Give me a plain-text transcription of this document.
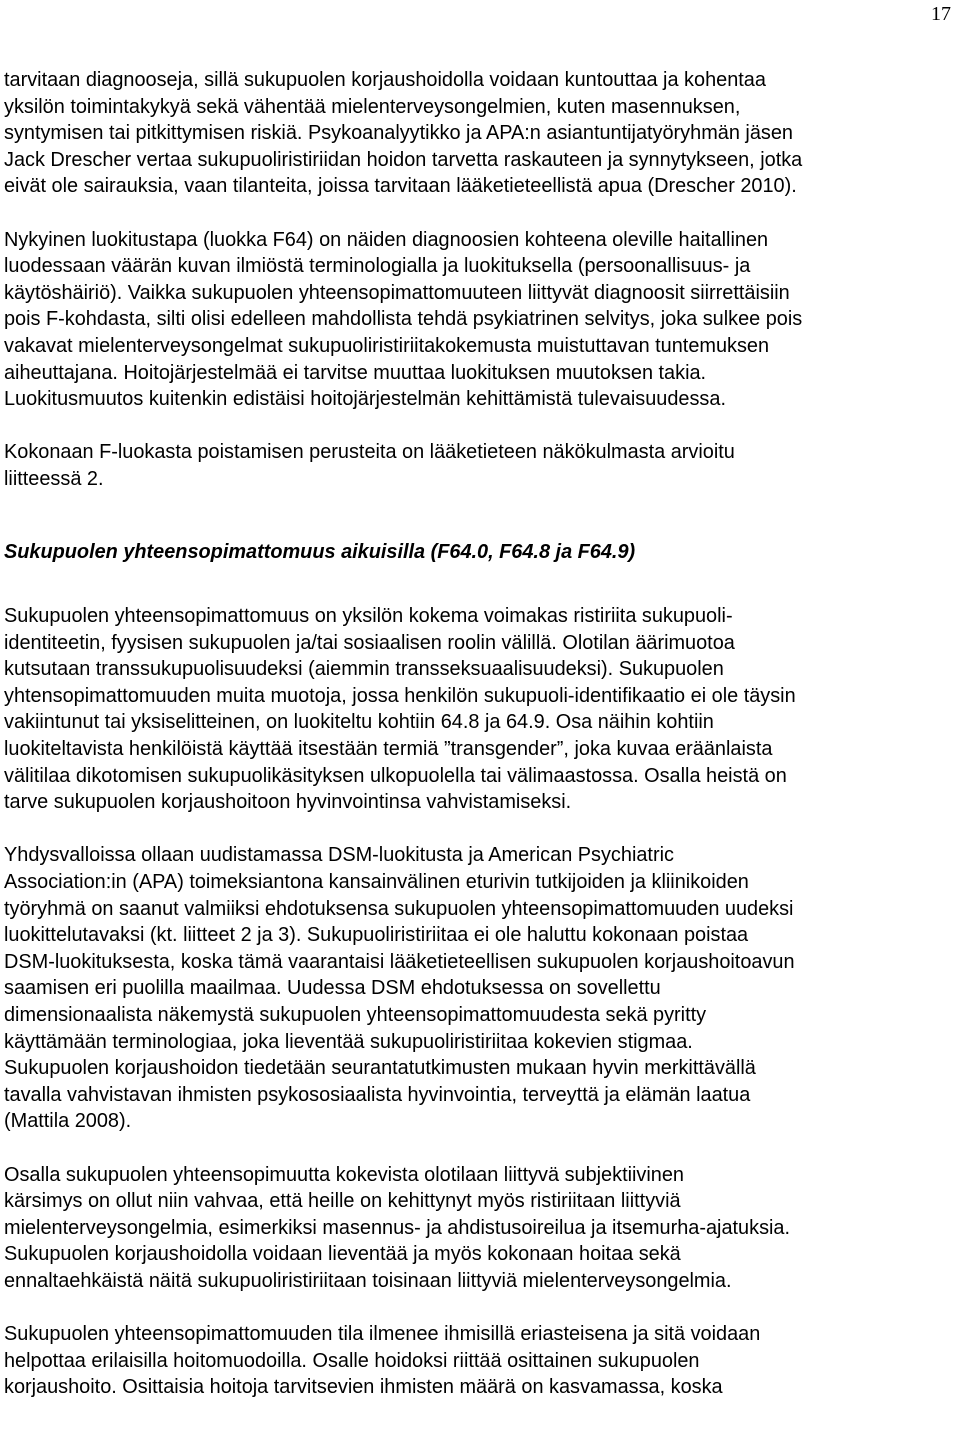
17

tarvitaan diagnooseja, sillä sukupuolen korjaushoidolla voidaan kuntouttaa ja kohentaa
yksilön toimintakykyä sekä vähentää mielenterveysongelmien, kuten masennuksen,
syntymisen tai pitkittymisen riskiä. Psykoanalyytikko ja APA:n asiantuntijatyöryhmän jäsen
Jack Drescher vertaa sukupuoliristiriidan hoidon tarvetta raskauteen ja synnytykseen, jotka
eivät ole sairauksia, vaan tilanteita, joissa tarvitaan lääketieteellistä apua (Drescher 2010).

Nykyinen luokitustapa (luokka F64) on näiden diagnoosien kohteena oleville haitallinen
luodessaan väärän kuvan ilmiöstä terminologialla ja luokituksella (persoonallisuus- ja
käytöshäiriö). Vaikka sukupuolen yhteensopimattomuuteen liittyvät diagnoosit siirrettäisiin
pois F-kohdasta, silti olisi edelleen mahdollista tehdä psykiatrinen selvitys, joka sulkee pois
vakavat mielenterveysongelmat sukupuoliristiriitakokemusta muistuttavan tuntemuksen
aiheuttajana. Hoitojärjestelmää ei tarvitse muuttaa luokituksen muutoksen takia.
Luokitusmuutos kuitenkin edistäisi hoitojärjestelmän kehittämistä tulevaisuudessa.

Kokonaan F-luokasta poistamisen perusteita on lääketieteen näkökulmasta arvioitu
liitteessä 2.

Sukupuolen yhteensopimattomuus aikuisilla (F64.0, F64.8 ja F64.9)

Sukupuolen yhteensopimattomuus on yksilön kokema voimakas ristiriita sukupuoli-
identiteetin, fyysisen sukupuolen ja/tai sosiaalisen roolin välillä. Olotilan äärimuotoa
kutsutaan transsukupuolisuudeksi (aiemmin transseksuaalisuudeksi). Sukupuolen
yhtensopimattomuuden muita muotoja, jossa henkilön sukupuoli-identifikaatio ei ole täysin
vakiintunut tai yksiselitteinen, on luokiteltu kohtiin 64.8 ja 64.9. Osa näihin kohtiin
luokiteltavista henkilöistä käyttää itsestään termiä ”transgender”, joka kuvaa eräänlaista
välitilaa dikotomisen sukupuolikäsityksen ulkopuolella tai välimaastossa. Osalla heistä on
tarve sukupuolen korjaushoitoon hyvinvointinsa vahvistamiseksi.

Yhdysvalloissa ollaan uudistamassa DSM-luokitusta ja American Psychiatric
Association:in (APA) toimeksiantona kansainvälinen eturivin tutkijoiden ja kliinikoiden
työryhmä on saanut valmiiksi ehdotuksensa sukupuolen yhteensopimattomuuden uudeksi
luokittelutavaksi (kt. liitteet 2 ja 3). Sukupuoliristiriitaa ei ole haluttu kokonaan poistaa
DSM-luokituksesta, koska tämä vaarantaisi lääketieteellisen sukupuolen korjaushoitoavun
saamisen eri puolilla maailmaa. Uudessa DSM ehdotuksessa on sovellettu
dimensionaalista näkemystä sukupuolen yhteensopimattomuudesta sekä pyritty
käyttämään terminologiaa, joka lieventää sukupuoliristiriitaa kokevien stigmaa.
Sukupuolen korjaushoidon tiedetään seurantatutkimusten mukaan hyvin merkittävällä
tavalla vahvistavan ihmisten psykososiaalista hyvinvointia, terveyttä ja elämän laatua
(Mattila 2008).

Osalla sukupuolen yhteensopimuutta kokevista olotilaan liittyvä subjektiivinen
kärsimys on ollut niin vahvaa, että heille on kehittynyt myös ristiriitaan liittyviä
mielenterveysongelmia, esimerkiksi masennus- ja ahdistusoireilua ja itsemurha-ajatuksia.
Sukupuolen korjaushoidolla voidaan lieventää ja myös kokonaan hoitaa sekä
ennaltaehkäistä näitä sukupuoliristiriitaan toisinaan liittyviä mielenterveysongelmia.

Sukupuolen yhteensopimattomuuden tila ilmenee ihmisillä eriasteisena ja sitä voidaan
helpottaa erilaisilla hoitomuodoilla. Osalle hoidoksi riittää osittainen sukupuolen
korjaushoito. Osittaisia hoitoja tarvitsevien ihmisten määrä on kasvamassa, koska
